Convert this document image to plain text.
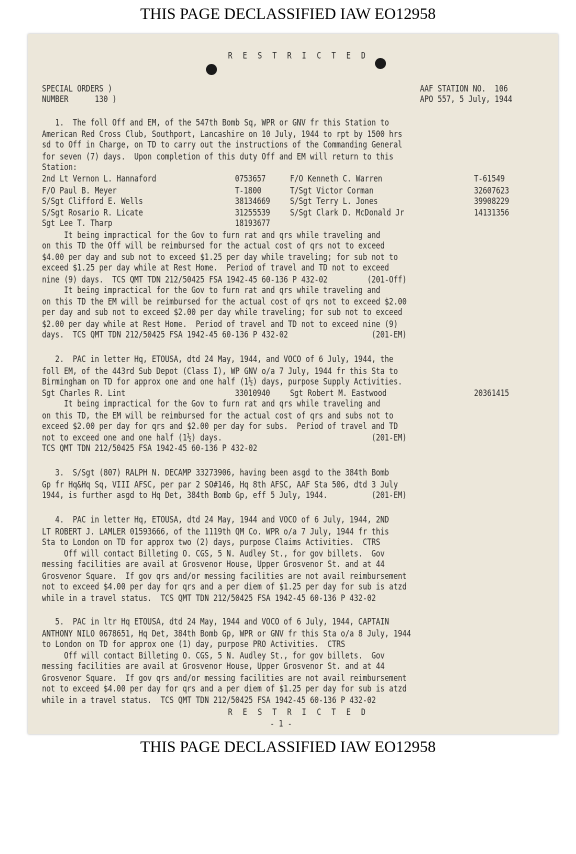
THIS PAGE DECLASSIFIED IAW EO12958
R E S T R I C T E D
SPECIAL ORDERS )
NUMBER      130 )
AAF STATION NO.  106
APO 557, 5 July, 1944
1.  The foll Off and EM, of the 547th Bomb Sq, WPR or GNV fr this Station to
American Red Cross Club, Southport, Lancashire on 10 July, 1944 to rpt by 1500 hrs
sd to Off in Charge, on TD to carry out the instructions of the Commanding General
for seven (7) days.  Upon completion of this duty Off and EM will return to this
Station:
2nd Lt Vernon L. Hannaford	0753657	F/O Kenneth C. Warren	T-61549
F/O Paul B. Meyer	T-1800	T/Sgt Victor Corman	32607623
S/Sgt Clifford E. Wells	38134669	S/Sgt Terry L. Jones	39908229
S/Sgt Rosario R. Licate	31255539	S/Sgt Clark D. McDonald Jr	14131356
Sgt Lee T. Tharp	18193677
It being impractical for the Gov to furn rat and qrs while traveling and
on this TD the Off will be reimbursed for the actual cost of qrs not to exceed
$4.00 per day and sub not to exceed $1.25 per day while traveling; for sub not to
exceed $1.25 per day while at Rest Home.  Period of travel and TD not to exceed
nine (9) days.  TCS QMT TDN 212/50425 FSA 1942-45 60-136 P 432-02         (201-Off)
It being impractical for the Gov to furn rat and qrs while traveling and
on this TD the EM will be reimbursed for the actual cost of qrs not to exceed $2.00
per day and sub not to exceed $2.00 per day while traveling; for sub not to exceed
$2.00 per day while at Rest Home.  Period of travel and TD not to exceed nine (9)
days.  TCS QMT TDN 212/50425 FSA 1942-45 60-136 P 432-02                   (201-EM)
2.  PAC in letter Hq, ETOUSA, dtd 24 May, 1944, and VOCO of 6 July, 1944, the
foll EM, of the 443rd Sub Depot (Class I), WP GNV o/a 7 July, 1944 fr this Sta to
Birmingham on TD for approx one and one half (1½) days, purpose Supply Activities.
Sgt Charles R. Lint	33010940	Sgt Robert M. Eastwood	20361415
It being impractical for the Gov to furn rat and qrs while traveling and
on this TD, the EM will be reimbursed for the actual cost of qrs and subs not to
exceed $2.00 per day for qrs and $2.00 per day for subs.  Period of travel and TD
not to exceed one and one half (1½) days.                                  (201-EM)
TCS QMT TDN 212/50425 FSA 1942-45 60-136 P 432-02
3.  S/Sgt (807) RALPH N. DECAMP 33273906, having been asgd to the 384th Bomb
Gp fr Hq&Hq Sq, VIII AFSC, per par 2 SO#146, Hq 8th AFSC, AAF Sta 506, dtd 3 July
1944, is further asgd to Hq Det, 384th Bomb Gp, eff 5 July, 1944.          (201-EM)
4.  PAC in letter Hq, ETOUSA, dtd 24 May, 1944 and VOCO of 6 July, 1944, 2ND
LT ROBERT J. LAMLER 01593666, of the 1119th QM Co. WPR o/a 7 July, 1944 fr this
Sta to London on TD for approx two (2) days, purpose Claims Activities.  CTRS
Off will contact Billeting O. CGS, 5 N. Audley St., for gov billets.  Gov
messing facilities are avail at Grosvenor House, Upper Grosvenor St. and at 44
Grosvenor Square.  If gov qrs and/or messing facilities are not avail reimbursement
not to exceed $4.00 per day for qrs and a per diem of $1.25 per day for sub is atzd
while in a travel status.  TCS QMT TDN 212/50425 FSA 1942-45 60-136 P 432-02
5.  PAC in ltr Hq ETOUSA, dtd 24 May, 1944 and VOCO of 6 July, 1944, CAPTAIN
ANTHONY NILO 0678651, Hq Det, 384th Bomb Gp, WPR or GNV fr this Sta o/a 8 July, 1944
to London on TD for approx one (1) day, purpose PRO Activities.  CTRS
Off will contact Billeting O. CGS, 5 N. Audley St., for gov billets.  Gov
messing facilities are avail at Grosvenor House, Upper Grosvenor St. and at 44
Grosvenor Square.  If gov qrs and/or messing facilities are not avail reimbursement
not to exceed $4.00 per day for qrs and a per diem of $1.25 per day for sub is atzd
while in a travel status.  TCS QMT TDN 212/50425 FSA 1942-45 60-136 P 432-02
R E S T R I C T E D
- 1 -
THIS PAGE DECLASSIFIED IAW EO12958
